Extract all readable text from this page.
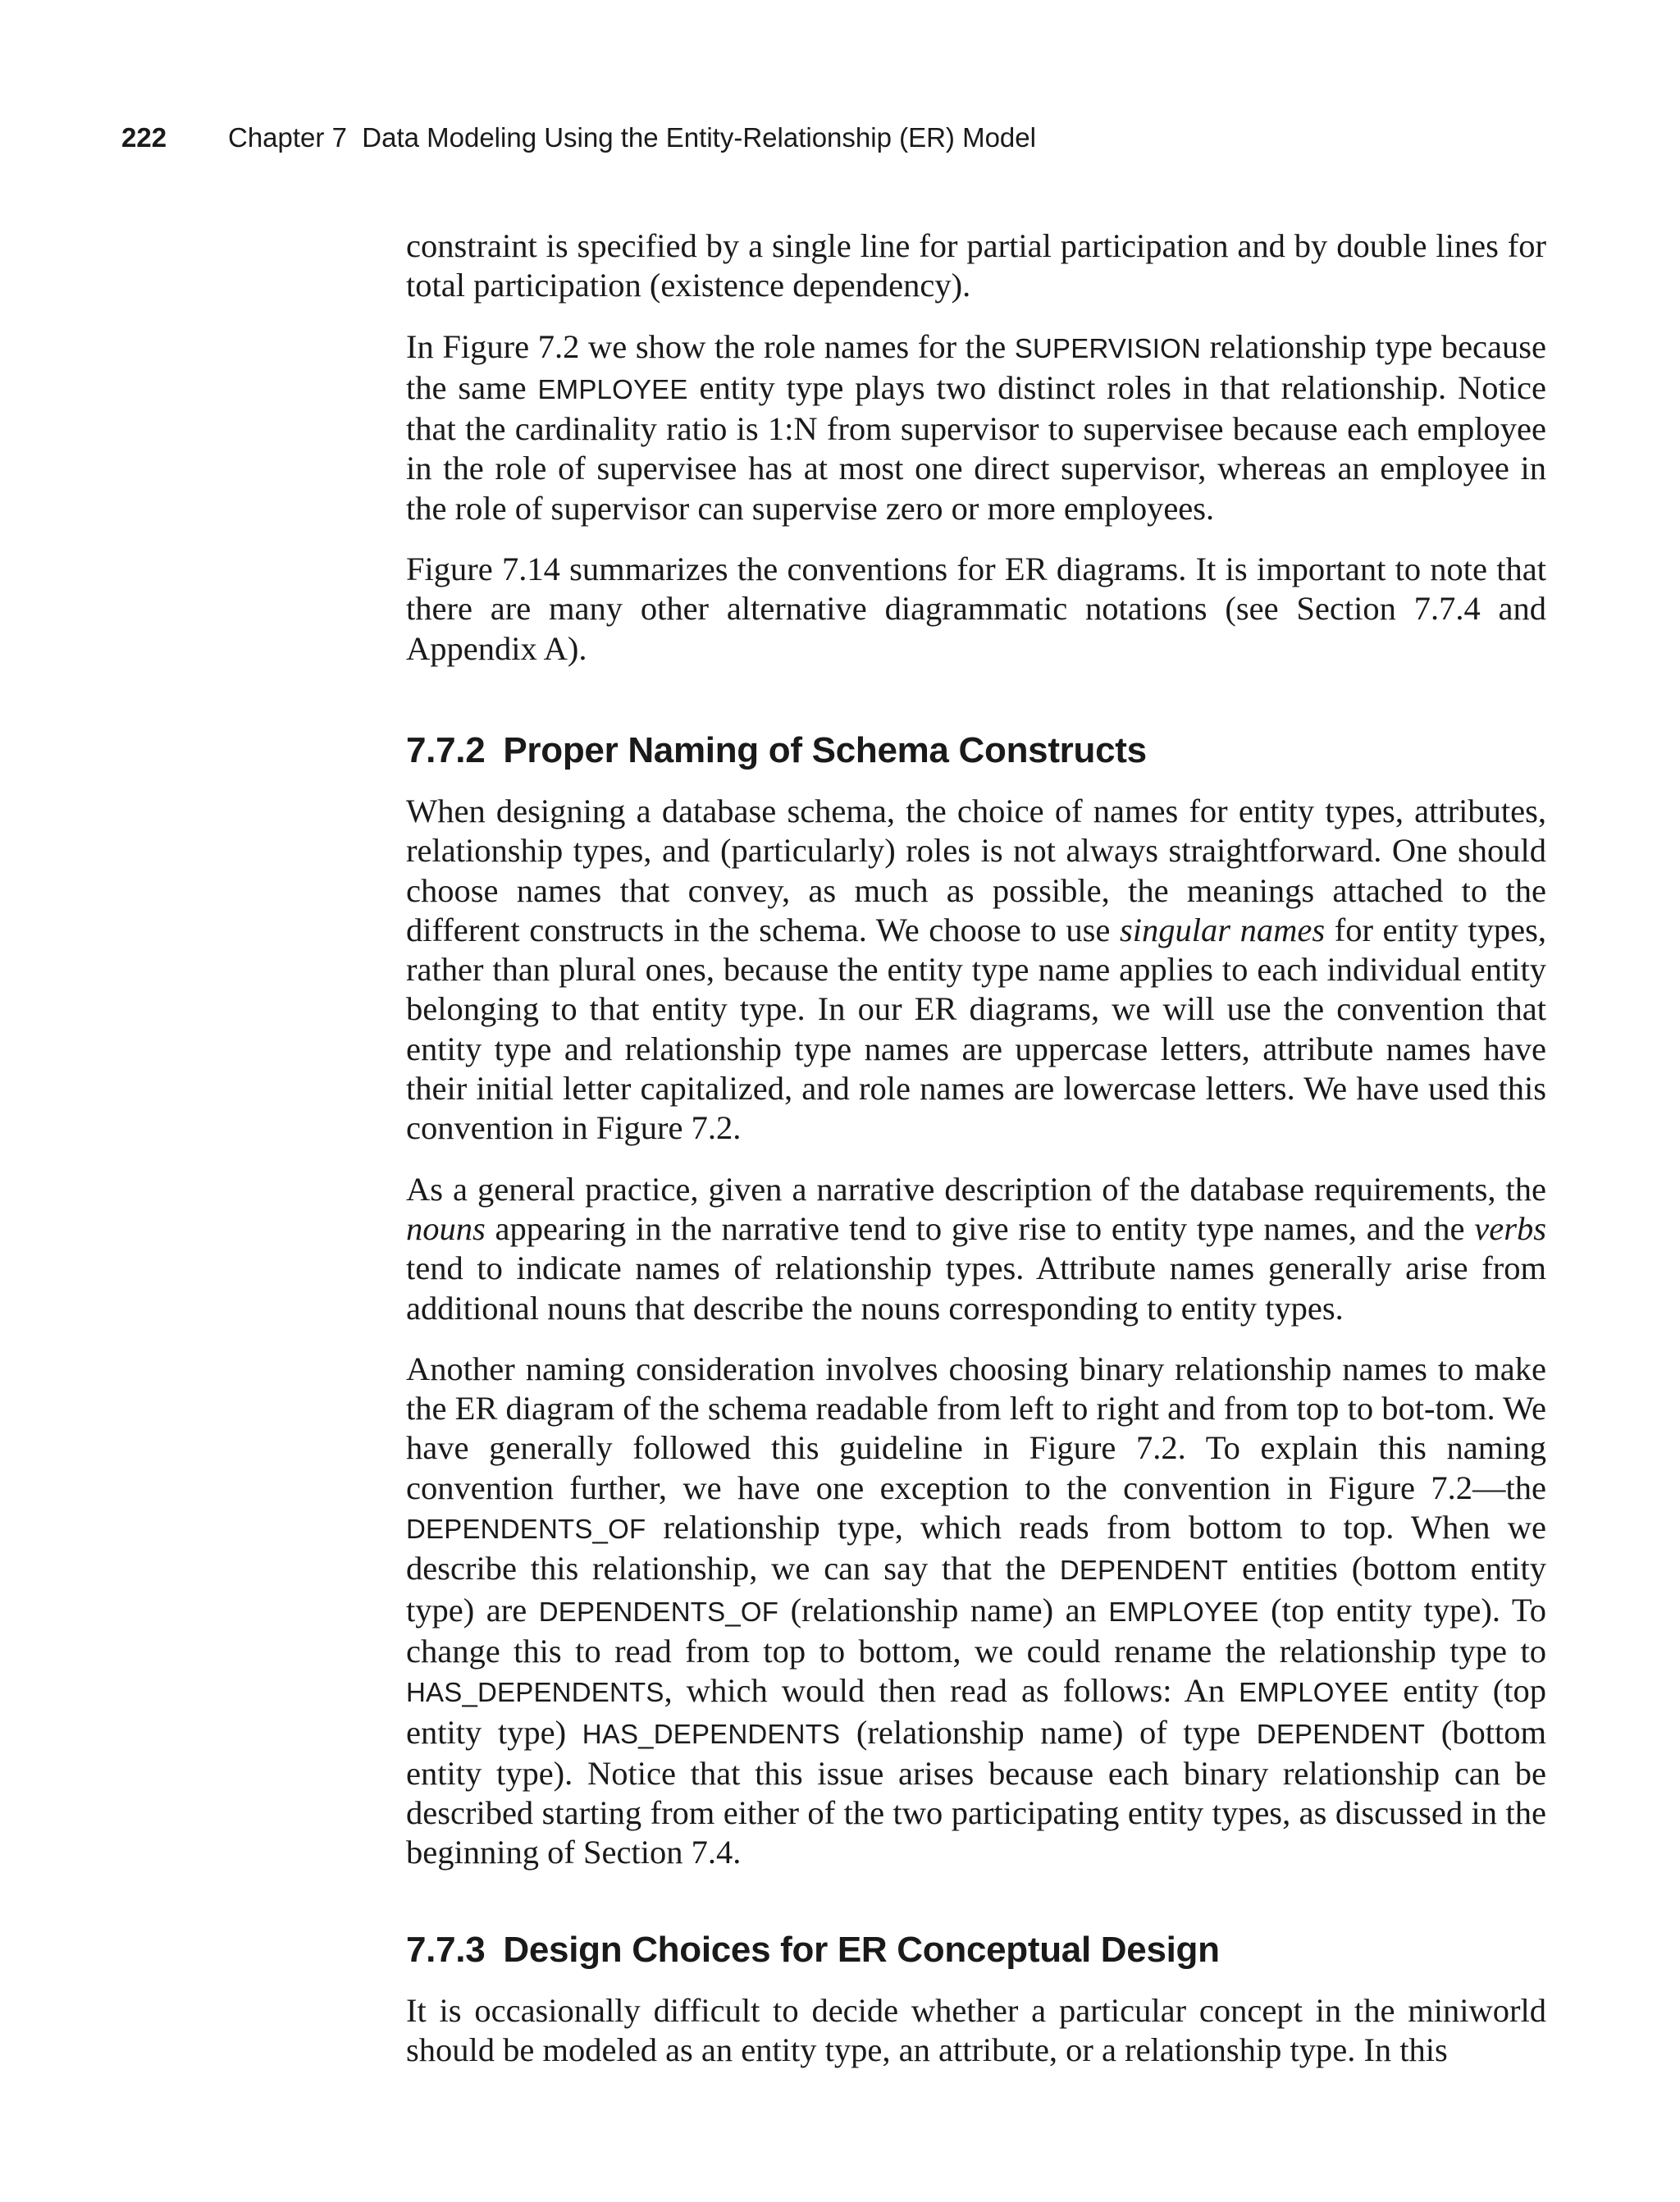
222 Chapter 7  Data Modeling Using the Entity-Relationship (ER) Model

constraint is specified by a single line for partial participation and by double lines for total participation (existence dependency).

In Figure 7.2 we show the role names for the SUPERVISION relationship type because the same EMPLOYEE entity type plays two distinct roles in that relationship. Notice that the cardinality ratio is 1:N from supervisor to supervisee because each employee in the role of supervisee has at most one direct supervisor, whereas an employee in the role of supervisor can supervise zero or more employees.

Figure 7.14 summarizes the conventions for ER diagrams. It is important to note that there are many other alternative diagrammatic notations (see Section 7.7.4 and Appendix A).

7.7.2 Proper Naming of Schema Constructs

When designing a database schema, the choice of names for entity types, attributes, relationship types, and (particularly) roles is not always straightforward. One should choose names that convey, as much as possible, the meanings attached to the different constructs in the schema. We choose to use singular names for entity types, rather than plural ones, because the entity type name applies to each individual entity belonging to that entity type. In our ER diagrams, we will use the convention that entity type and relationship type names are uppercase letters, attribute names have their initial letter capitalized, and role names are lowercase letters. We have used this convention in Figure 7.2.

As a general practice, given a narrative description of the database requirements, the nouns appearing in the narrative tend to give rise to entity type names, and the verbs tend to indicate names of relationship types. Attribute names generally arise from additional nouns that describe the nouns corresponding to entity types.

Another naming consideration involves choosing binary relationship names to make the ER diagram of the schema readable from left to right and from top to bot-tom. We have generally followed this guideline in Figure 7.2. To explain this naming convention further, we have one exception to the convention in Figure 7.2—the DEPENDENTS_OF relationship type, which reads from bottom to top. When we describe this relationship, we can say that the DEPENDENT entities (bottom entity type) are DEPENDENTS_OF (relationship name) an EMPLOYEE (top entity type). To change this to read from top to bottom, we could rename the relationship type to HAS_DEPENDENTS, which would then read as follows: An EMPLOYEE entity (top entity type) HAS_DEPENDENTS (relationship name) of type DEPENDENT (bottom entity type). Notice that this issue arises because each binary relationship can be described starting from either of the two participating entity types, as discussed in the beginning of Section 7.4.

7.7.3 Design Choices for ER Conceptual Design

It is occasionally difficult to decide whether a particular concept in the miniworld should be modeled as an entity type, an attribute, or a relationship type. In this
